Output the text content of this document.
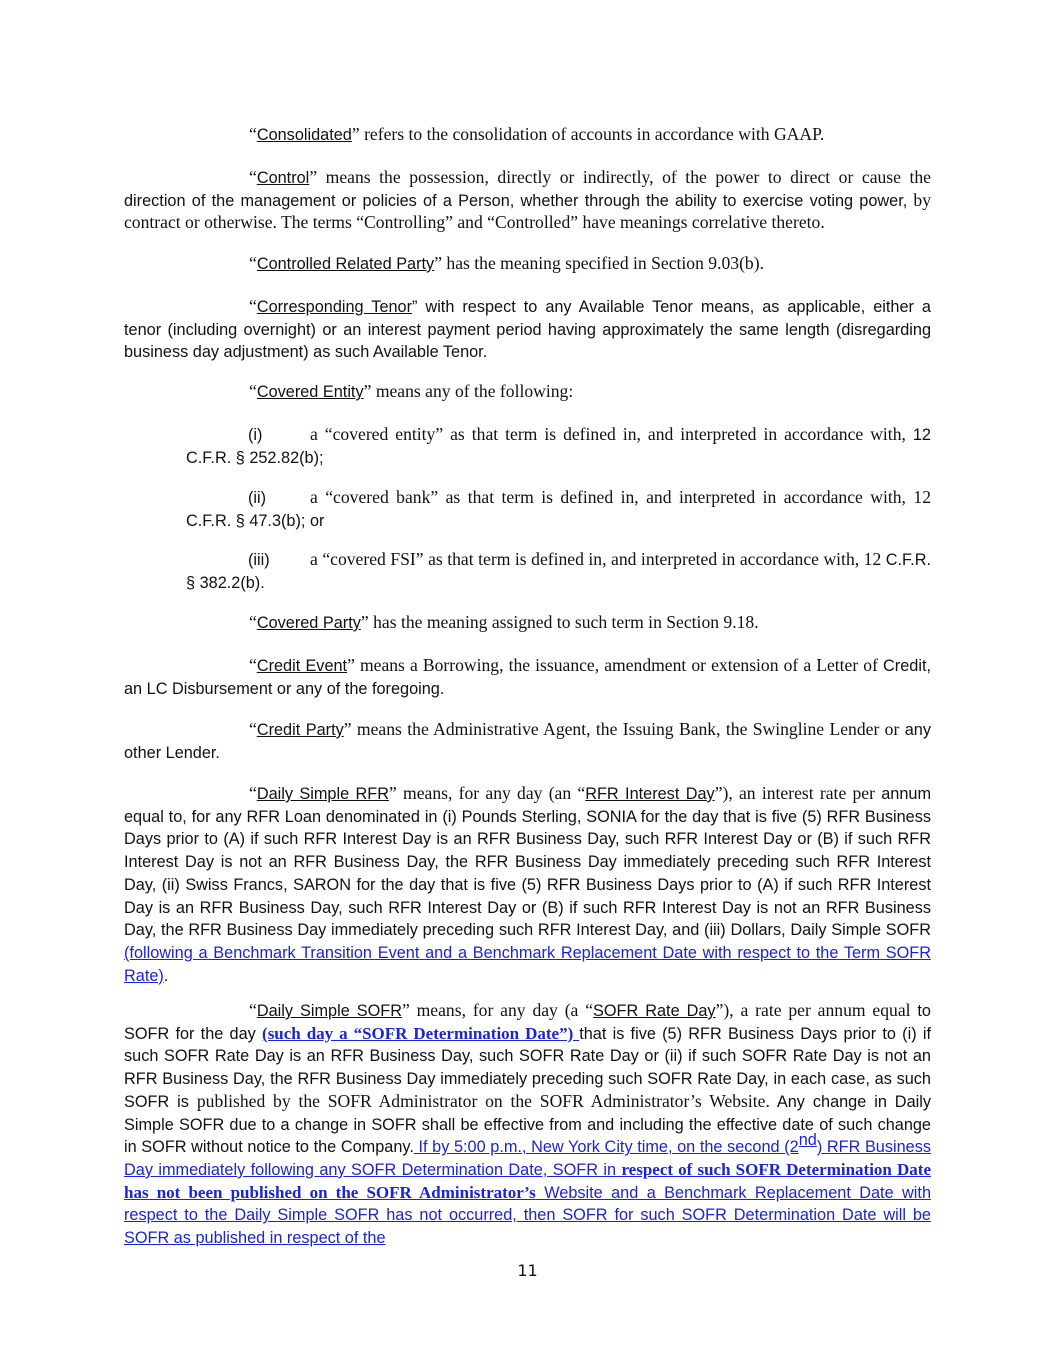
“Consolidated” refers to the consolidation of accounts in accordance with GAAP.
“Control” means the possession, directly or indirectly, of the power to direct or cause the direction of the management or policies of a Person, whether through the ability to exercise voting power, by contract or otherwise. The terms “Controlling” and “Controlled” have meanings correlative thereto.
“Controlled Related Party” has the meaning specified in Section 9.03(b).
“Corresponding Tenor” with respect to any Available Tenor means, as applicable, either a tenor (including overnight) or an interest payment period having approximately the same length (disregarding business day adjustment) as such Available Tenor.
“Covered Entity” means any of the following:
(i)	a “covered entity” as that term is defined in, and interpreted in accordance with, 12 C.F.R. § 252.82(b);
(ii) a “covered bank” as that term is defined in, and interpreted in accordance with, 12 C.F.R. § 47.3(b); or
(iii) a “covered FSI” as that term is defined in, and interpreted in accordance with, 12 C.F.R. § 382.2(b).
“Covered Party” has the meaning assigned to such term in Section 9.18.
“Credit Event” means a Borrowing, the issuance, amendment or extension of a Letter of Credit, an LC Disbursement or any of the foregoing.
“Credit Party” means the Administrative Agent, the Issuing Bank, the Swingline Lender or any other Lender.
“Daily Simple RFR” means, for any day (an “RFR Interest Day”), an interest rate per annum equal to, for any RFR Loan denominated in (i) Pounds Sterling, SONIA for the day that is five (5) RFR Business Days prior to (A) if such RFR Interest Day is an RFR Business Day, such RFR Interest Day or (B) if such RFR Interest Day is not an RFR Business Day, the RFR Business Day immediately preceding such RFR Interest Day, (ii) Swiss Francs, SARON for the day that is five (5) RFR Business Days prior to (A) if such RFR Interest Day is an RFR Business Day, such RFR Interest Day or (B) if such RFR Interest Day is not an RFR Business Day, the RFR Business Day immediately preceding such RFR Interest Day, and (iii) Dollars, Daily Simple SOFR (following a Benchmark Transition Event and a Benchmark Replacement Date with respect to the Term SOFR Rate).
“Daily Simple SOFR” means, for any day (a “SOFR Rate Day”), a rate per annum equal to SOFR for the day (such day a “SOFR Determination Date”) that is five (5) RFR Business Days prior to (i) if such SOFR Rate Day is an RFR Business Day, such SOFR Rate Day or (ii) if such SOFR Rate Day is not an RFR Business Day, the RFR Business Day immediately preceding such SOFR Rate Day, in each case, as such SOFR is published by the SOFR Administrator on the SOFR Administrator’s Website. Any change in Daily Simple SOFR due to a change in SOFR shall be effective from and including the effective date of such change in SOFR without notice to the Company. If by 5:00 p.m., New York City time, on the second (2nd) RFR Business Day immediately following any SOFR Determination Date, SOFR in respect of such SOFR Determination Date has not been published on the SOFR Administrator’s Website and a Benchmark Replacement Date with respect to the Daily Simple SOFR has not occurred, then SOFR for such SOFR Determination Date will be SOFR as published in respect of the
11
